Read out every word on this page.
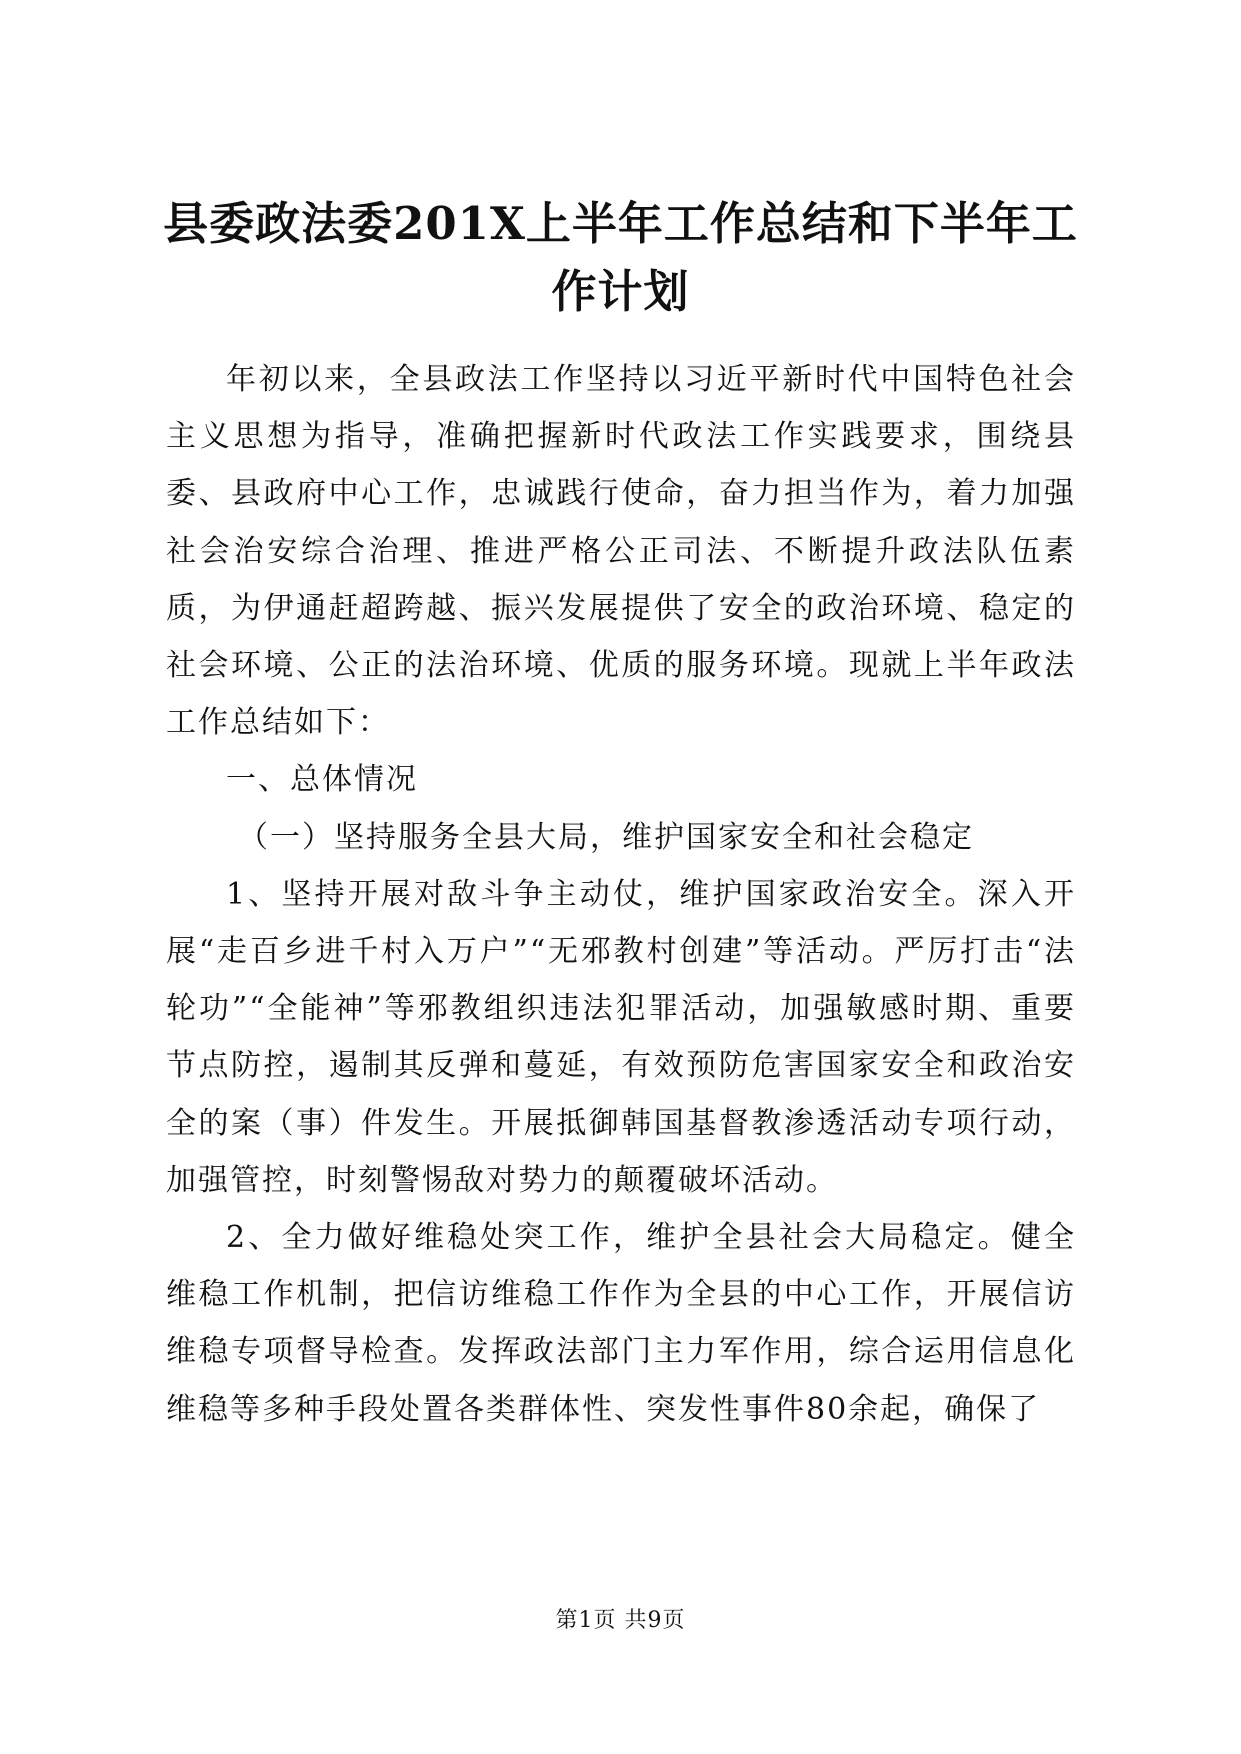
县委政法委201X上半年工作总结和下半年工作计划

年初以来，全县政法工作坚持以习近平新时代中国特色社会主义思想为指导，准确把握新时代政法工作实践要求，围绕县委、县政府中心工作，忠诚践行使命，奋力担当作为，着力加强社会治安综合治理、推进严格公正司法、不断提升政法队伍素质，为伊通赶超跨越、振兴发展提供了安全的政治环境、稳定的社会环境、公正的法治环境、优质的服务环境。现就上半年政法工作总结如下：

一、总体情况

（一）坚持服务全县大局，维护国家安全和社会稳定

1、坚持开展对敌斗争主动仗，维护国家政治安全。深入开展“走百乡进千村入万户”“无邪教村创建”等活动。严厉打击“法轮功”“全能神”等邪教组织违法犯罪活动，加强敏感时期、重要节点防控，遏制其反弹和蔓延，有效预防危害国家安全和政治安全的案（事）件发生。开展抵御韩国基督教渗透活动专项行动，加强管控，时刻警惕敌对势力的颠覆破坏活动。

2、全力做好维稳处突工作，维护全县社会大局稳定。健全维稳工作机制，把信访维稳工作作为全县的中心工作，开展信访维稳专项督导检查。发挥政法部门主力军作用，综合运用信息化维稳等多种手段处置各类群体性、突发性事件80余起，确保了

第1页 共9页
